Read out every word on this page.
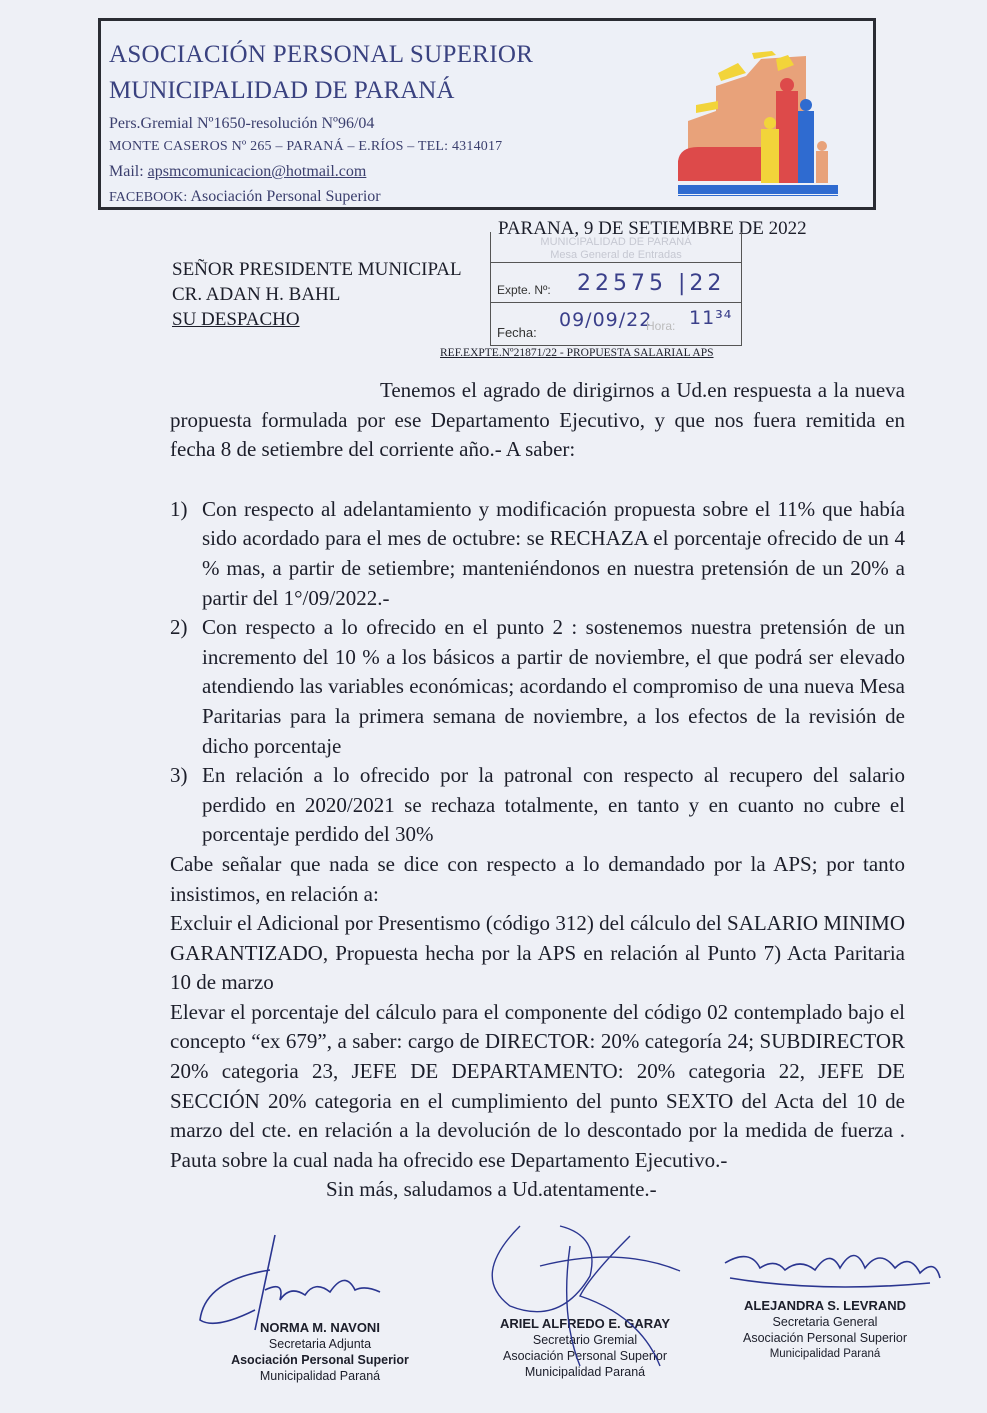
ASOCIACIÓN PERSONAL SUPERIOR
MUNICIPALIDAD DE PARANÁ
Pers.Gremial Nº1650-resolución Nº96/04
MONTE CASEROS Nº 265 – PARANÁ – E.RÍOS – TEL: 4314017
Mail: apsmcomunicacion@hotmail.com
FACEBOOK: Asociación Personal Superior
PARANA, 9 DE SETIEMBRE DE 2022
SEÑOR PRESIDENTE MUNICIPAL
CR. ADAN H. BAHL
SU DESPACHO
MUNICIPALIDAD DE PARANÁ
Mesa General de Entradas
Expte. Nº: 22575 |22
Fecha:
09/09/22
Hora: 11³⁴
REF.EXPTE.Nº21871/22 - PROPUESTA SALARIAL APS

Tenemos el agrado de dirigirnos a Ud.en respuesta a la nueva propuesta formulada por ese Departamento Ejecutivo, y que nos fuera remitida en fecha 8 de setiembre del corriente año.- A saber:

1) Con respecto al adelantamiento y modificación propuesta sobre el 11% que había sido acordado para el mes de octubre: se RECHAZA el porcentaje ofrecido de un 4 % mas, a partir de setiembre; manteniéndonos en nuestra pretensión de un 20% a partir del 1°/09/2022.-
2) Con respecto a lo ofrecido en el punto 2 : sostenemos nuestra pretensión de un incremento del 10 % a los básicos a partir de noviembre, el que podrá ser elevado atendiendo las variables económicas; acordando el compromiso de una nueva Mesa Paritarias para la primera semana de noviembre, a los efectos de la revisión de dicho porcentaje
3) En relación a lo ofrecido por la patronal con respecto al recupero del salario perdido en 2020/2021 se rechaza totalmente, en tanto y en cuanto no cubre el porcentaje perdido del 30%

Cabe señalar que nada se dice con respecto a lo demandado por la APS; por tanto insistimos, en relación a:

Excluir el Adicional por Presentismo (código 312) del cálculo del SALARIO MINIMO GARANTIZADO, Propuesta hecha por la APS en relación al Punto 7) Acta Paritaria 10 de marzo

Elevar el porcentaje del cálculo para el componente del código 02 contemplado bajo el concepto “ex 679”, a saber: cargo de DIRECTOR: 20% categoría 24; SUBDIRECTOR 20% categoria 23, JEFE DE DEPARTAMENTO: 20% categoria 22, JEFE DE SECCIÓN 20% categoria en el cumplimiento del punto SEXTO del Acta del 10 de marzo del cte. en relación a la devolución de lo descontado por la medida de fuerza . Pauta sobre la cual nada ha ofrecido ese Departamento Ejecutivo.-

Sin más, saludamos a Ud.atentamente.-

NORMA M. NAVONI
Secretaria Adjunta
Asociación Personal Superior
Municipalidad Paraná
ARIEL ALFREDO E. GARAY
Secretario Gremial
Asociación Personal Superior
Municipalidad Paraná
ALEJANDRA S. LEVRAND
Secretaria General
Asociación Personal Superior
Municipalidad Paraná
